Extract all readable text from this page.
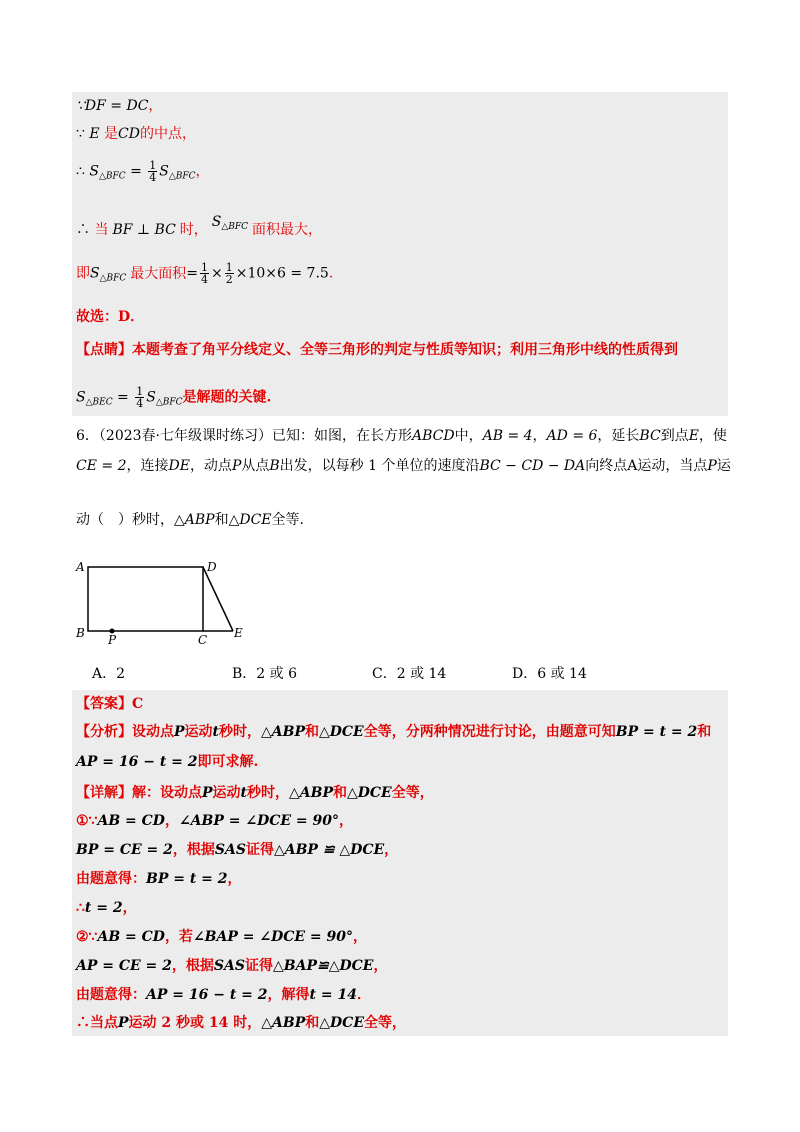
∵DF = DC，
∵ E 是CD的中点，
∴ $S_{\triangle BFC} = \frac{1}{4} S_{\triangle BFC}$，
∴ 当 BF ⊥ BC 时， $S_{\triangle BFC}$ 面积最大，
即$S_{\triangle BFC}$ 最大面积= $\frac{1}{4} \times \frac{1}{2} \times 10\times 6 = 7.5$.
故选：D．
【点睛】本题考查了角平分线定义、全等三角形的判定与性质等知识；利用三角形中线的性质得到
$S_{\triangle BEC} = \frac{1}{4} S_{\triangle BFC}$是解题的关键.
6．（2023春·七年级课时练习）已知：如图，在长方形ABCD中，AB = 4，AD = 6，延长BC到点E，使
CE = 2，连接DE，动点P从点B出发，以每秒 1 个单位的速度沿BC − CD − DA向终点A运动，当点P运
动（　）秒时，△ABP和△DCE全等.
A
B	C
D
E
P
A．2	B．2 或 6	C．2 或 14	D．6 或 14
【答案】C
【分析】设动点P运动t秒时，△ABP和△DCE全等，分两种情况进行讨论，由题意可知BP = t = 2和
AP = 16 − t = 2即可求解.
【详解】解：设动点P运动t秒时，△ABP和△DCE全等，
①∵AB = CD，∠ABP = ∠DCE = 90°，
BP = CE = 2，根据SAS证得△ABP ≌ △DCE，
由题意得：BP = t = 2，
∴t = 2，
②∵AB = CD，若∠BAP = ∠DCE = 90°，
AP = CE = 2，根据SAS证得△BAP≌△DCE，
由题意得：AP = 16 − t = 2，解得t = 14．
∴当点P运动 2 秒或 14 时，△ABP和△DCE全等，
